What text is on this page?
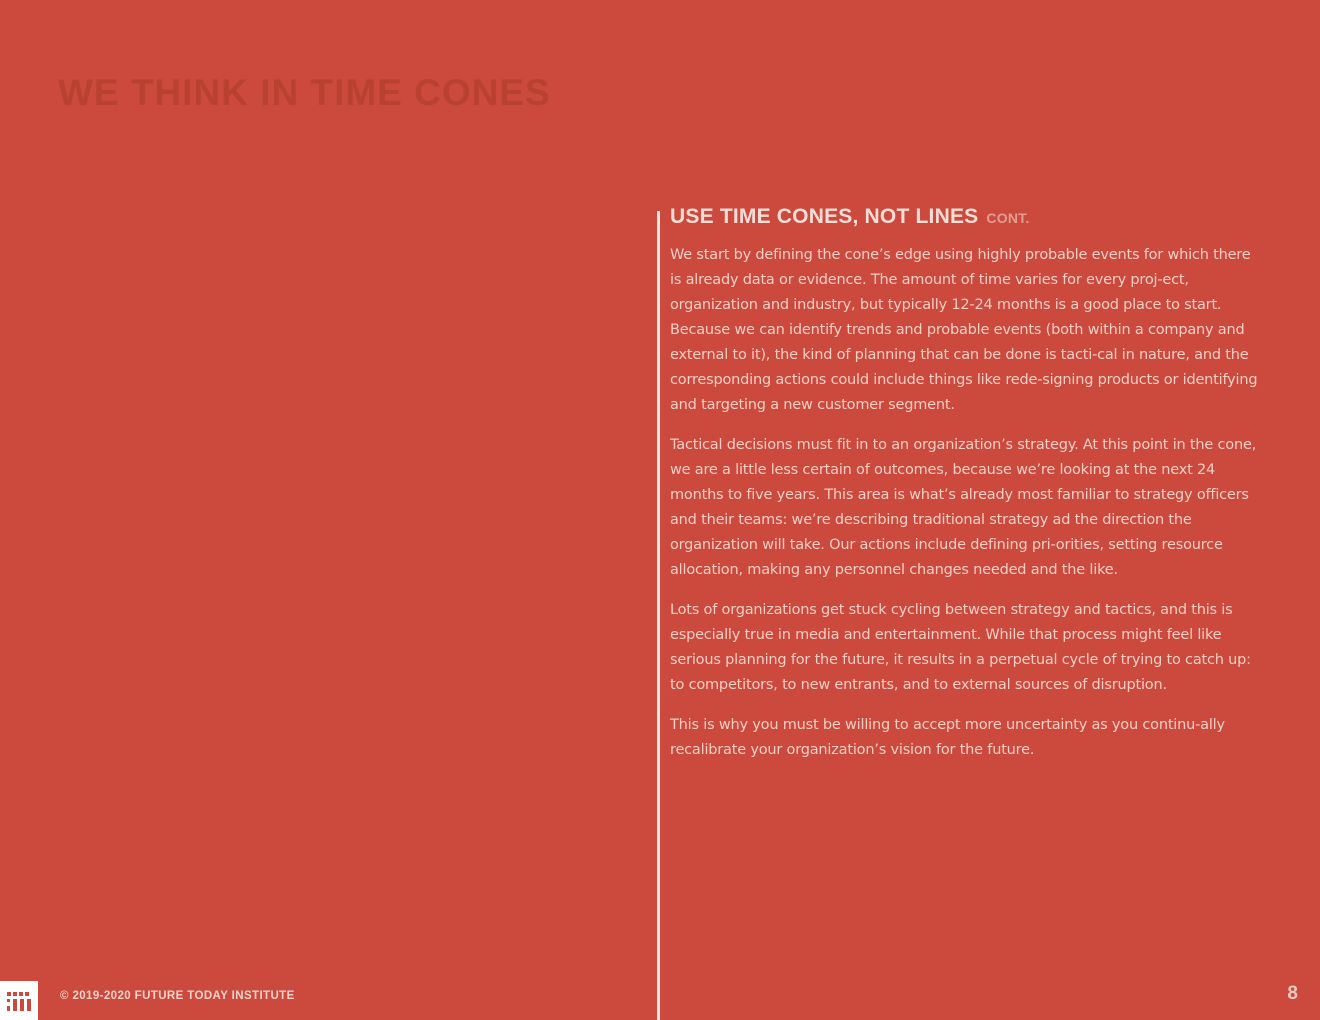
WE THINK IN TIME CONES
USE TIME CONES, NOT LINES CONT.

We start by defining the cone’s edge using highly probable events for which there is already data or evidence. The amount of time varies for every proj-ect, organization and industry, but typically 12-24 months is a good place to start. Because we can identify trends and probable events (both within a company and external to it), the kind of planning that can be done is tacti-cal in nature, and the corresponding actions could include things like rede-signing products or identifying and targeting a new customer segment.

Tactical decisions must fit in to an organization’s strategy. At this point in the cone, we are a little less certain of outcomes, because we’re looking at the next 24 months to five years. This area is what’s already most familiar to strategy officers and their teams: we’re describing traditional strategy ad the direction the organization will take. Our actions include defining pri-orities, setting resource allocation, making any personnel changes needed and the like.

Lots of organizations get stuck cycling between strategy and tactics, and this is especially true in media and entertainment. While that process might feel like serious planning for the future, it results in a perpetual cycle of trying to catch up: to competitors, to new entrants, and to external sources of disruption.

This is why you must be willing to accept more uncertainty as you continu-ally recalibrate your organization’s vision for the future.

© 2019-2020 FUTURE TODAY INSTITUTE	8
